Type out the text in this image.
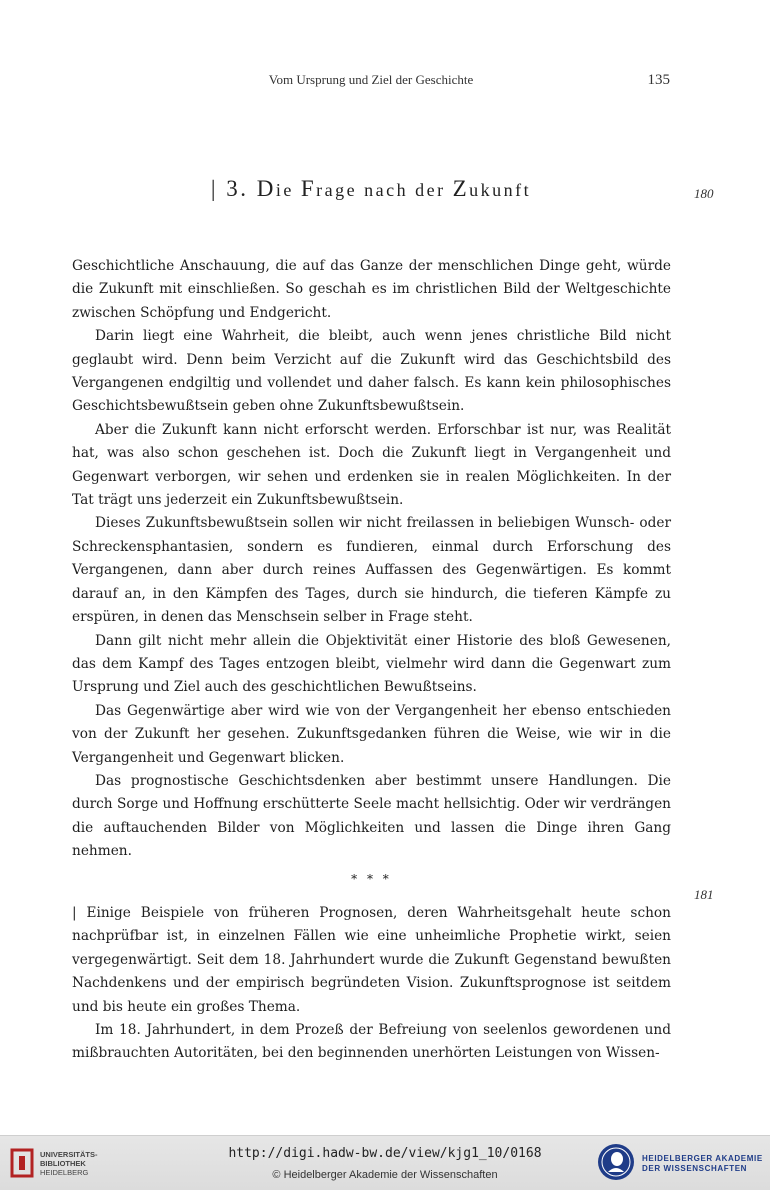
Vom Ursprung und Ziel der Geschichte	135
| 3. Die Frage nach der Zukunft	180
181

Geschichtliche Anschauung, die auf das Ganze der menschlichen Dinge geht, würde die Zukunft mit einschließen. So geschah es im christlichen Bild der Weltgeschichte zwischen Schöpfung und Endgericht.

Darin liegt eine Wahrheit, die bleibt, auch wenn jenes christliche Bild nicht geglaubt wird. Denn beim Verzicht auf die Zukunft wird das Geschichtsbild des Vergangenen endgiltig und vollendet und daher falsch. Es kann kein philosophisches Geschichtsbewußtsein geben ohne Zukunftsbewußtsein.

Aber die Zukunft kann nicht erforscht werden. Erforschbar ist nur, was Realität hat, was also schon geschehen ist. Doch die Zukunft liegt in Vergangenheit und Gegenwart verborgen, wir sehen und erdenken sie in realen Möglichkeiten. In der Tat trägt uns jederzeit ein Zukunftsbewußtsein.

Dieses Zukunftsbewußtsein sollen wir nicht freilassen in beliebigen Wunsch- oder Schreckensphantasien, sondern es fundieren, einmal durch Erforschung des Vergangenen, dann aber durch reines Auffassen des Gegenwärtigen. Es kommt darauf an, in den Kämpfen des Tages, durch sie hindurch, die tieferen Kämpfe zu erspüren, in denen das Menschsein selber in Frage steht.

Dann gilt nicht mehr allein die Objektivität einer Historie des bloß Gewesenen, das dem Kampf des Tages entzogen bleibt, vielmehr wird dann die Gegenwart zum Ursprung und Ziel auch des geschichtlichen Bewußtseins.

Das Gegenwärtige aber wird wie von der Vergangenheit her ebenso entschieden von der Zukunft her gesehen. Zukunftsgedanken führen die Weise, wie wir in die Vergangenheit und Gegenwart blicken.

Das prognostische Geschichtsdenken aber bestimmt unsere Handlungen. Die durch Sorge und Hoffnung erschütterte Seele macht hellsichtig. Oder wir verdrängen die auftauchenden Bilder von Möglichkeiten und lassen die Dinge ihren Gang nehmen.

* * *

| Einige Beispiele von früheren Prognosen, deren Wahrheitsgehalt heute schon nachprüfbar ist, in einzelnen Fällen wie eine unheimliche Prophetie wirkt, seien vergegenwärtigt. Seit dem 18. Jahrhundert wurde die Zukunft Gegenstand bewußten Nachdenkens und der empirisch begründeten Vision. Zukunftsprognose ist seitdem und bis heute ein großes Thema.

Im 18. Jahrhundert, in dem Prozeß der Befreiung von seelenlos gewordenen und mißbrauchten Autoritäten, bei den beginnenden unerhörten Leistungen von Wissen-

UNIVERSITÄTS-
BIBLIOTHEK
HEIDELBERG
http://digi.hadw-bw.de/view/kjg1_10/0168
© Heidelberger Akademie der Wissenschaften
HEIDELBERGER AKADEMIE
DER WISSENSCHAFTEN
